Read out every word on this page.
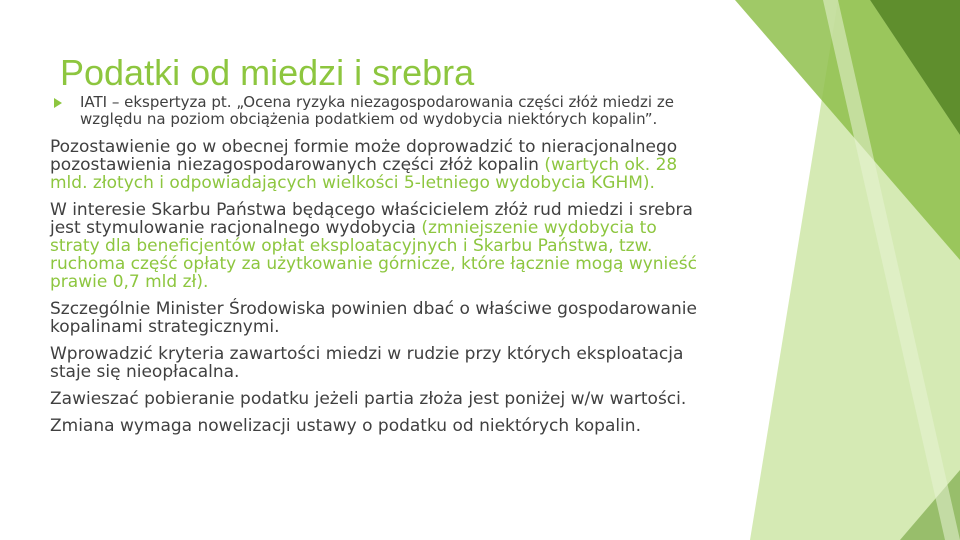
Podatki od miedzi i srebra
IATI – ekspertyza pt. „Ocena ryzyka niezagospodarowania części złóż miedzi ze względu na poziom obciążenia podatkiem od wydobycia niektórych kopalin”.

Pozostawienie go w obecnej formie może doprowadzić to nieracjonalnego pozostawienia niezagospodarowanych części złóż kopalin (wartych ok. 28 mld. złotych i odpowiadających wielkości 5-letniego wydobycia KGHM).

W interesie Skarbu Państwa będącego właścicielem złóż rud miedzi i srebra jest stymulowanie racjonalnego wydobycia (zmniejszenie wydobycia to straty dla beneficjentów opłat eksploatacyjnych i Skarbu Państwa, tzw. ruchoma część opłaty za użytkowanie górnicze, które łącznie mogą wynieść prawie 0,7 mld zł).

Szczególnie Minister Środowiska powinien dbać o właściwe gospodarowanie kopalinami strategicznymi.

Wprowadzić kryteria zawartości miedzi w rudzie przy których eksploatacja staje się nieopłacalna.

Zawieszać pobieranie podatku jeżeli partia złoża jest poniżej w/w wartości.

Zmiana wymaga nowelizacji ustawy o podatku od niektórych kopalin.
